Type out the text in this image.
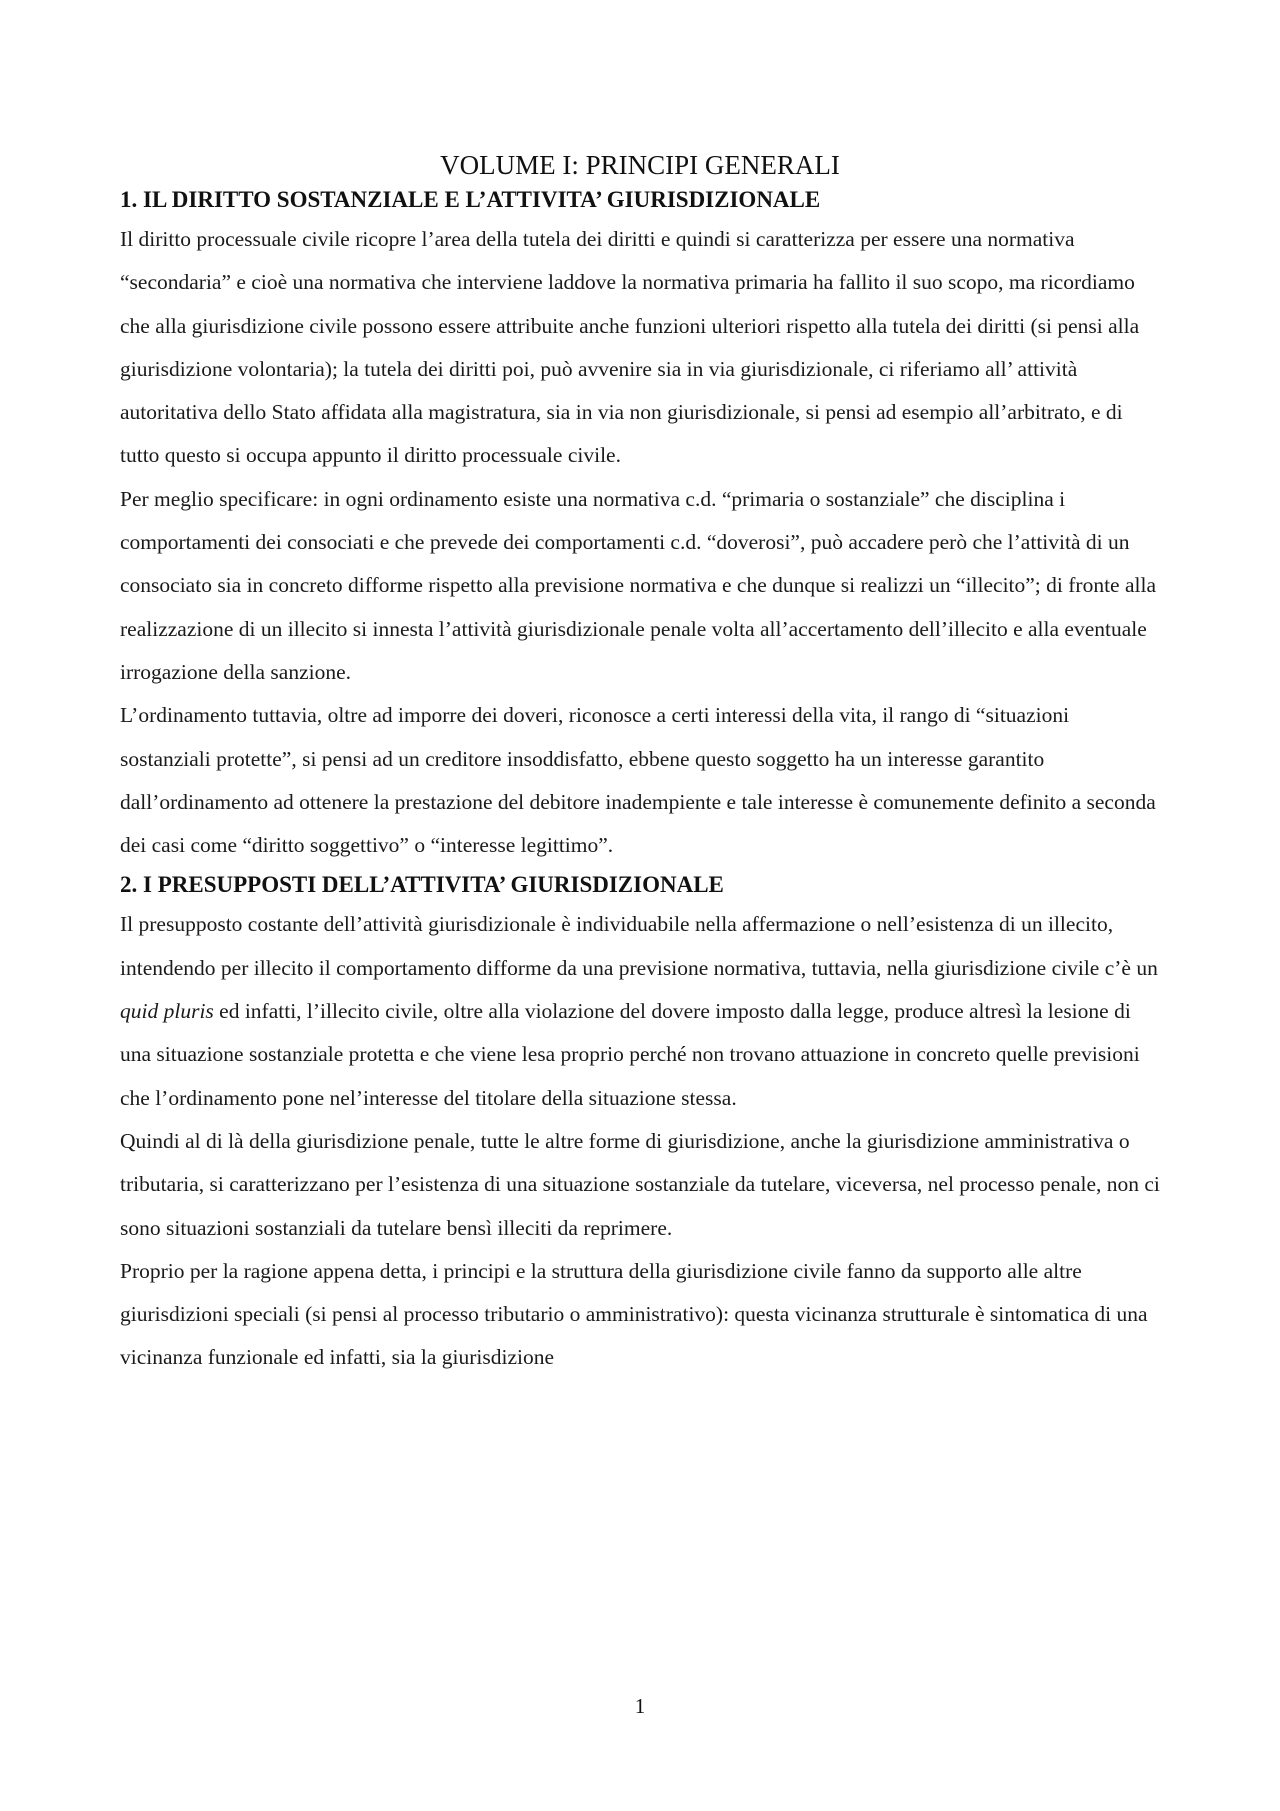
VOLUME I: PRINCIPI GENERALI
1. IL DIRITTO SOSTANZIALE E L’ATTIVITA’ GIURISDIZIONALE

Il diritto processuale civile ricopre l’area della tutela dei diritti e quindi si caratterizza per essere una normativa “secondaria” e cioè una normativa che interviene laddove la normativa primaria ha fallito il suo scopo, ma ricordiamo che alla giurisdizione civile possono essere attribuite anche funzioni ulteriori rispetto alla tutela dei diritti (si pensi alla giurisdizione volontaria); la tutela dei diritti poi, può avvenire sia in via giurisdizionale, ci riferiamo all’ attività autoritativa dello Stato affidata alla magistratura, sia in via non giurisdizionale, si pensi ad esempio all’arbitrato, e di tutto questo si occupa appunto il diritto processuale civile.

Per meglio specificare: in ogni ordinamento esiste una normativa c.d. “primaria o sostanziale” che disciplina i comportamenti dei consociati e che prevede dei comportamenti c.d. “doverosi”, può accadere però che l’attività di un consociato sia in concreto difforme rispetto alla previsione normativa e che dunque si realizzi un “illecito”; di fronte alla realizzazione di un illecito si innesta l’attività giurisdizionale penale volta all’accertamento dell’illecito e alla eventuale irrogazione della sanzione.

L’ordinamento tuttavia, oltre ad imporre dei doveri, riconosce a certi interessi della vita, il rango di “situazioni sostanziali protette”, si pensi ad un creditore insoddisfatto, ebbene questo soggetto ha un interesse garantito dall’ordinamento ad ottenere la prestazione del debitore inadempiente e tale interesse è comunemente definito a seconda dei casi come “diritto soggettivo” o “interesse legittimo”.

2. I PRESUPPOSTI DELL’ATTIVITA’ GIURISDIZIONALE

Il presupposto costante dell’attività giurisdizionale è individuabile nella affermazione o nell’esistenza di un illecito, intendendo per illecito il comportamento difforme da una previsione normativa, tuttavia, nella giurisdizione civile c’è un quid pluris ed infatti, l’illecito civile, oltre alla violazione del dovere imposto dalla legge, produce altresì la lesione di una situazione sostanziale protetta e che viene lesa proprio perché non trovano attuazione in concreto quelle previsioni che l’ordinamento pone nel’interesse del titolare della situazione stessa.

Quindi al di là della giurisdizione penale, tutte le altre forme di giurisdizione, anche la giurisdizione amministrativa o tributaria, si caratterizzano per l’esistenza di una situazione sostanziale da tutelare, viceversa, nel processo penale, non ci sono situazioni sostanziali da tutelare bensì illeciti da reprimere.

Proprio per la ragione appena detta, i principi e la struttura della giurisdizione civile fanno da supporto alle altre giurisdizioni speciali (si pensi al processo tributario o amministrativo): questa vicinanza strutturale è sintomatica di una vicinanza funzionale ed infatti, sia la giurisdizione

1
